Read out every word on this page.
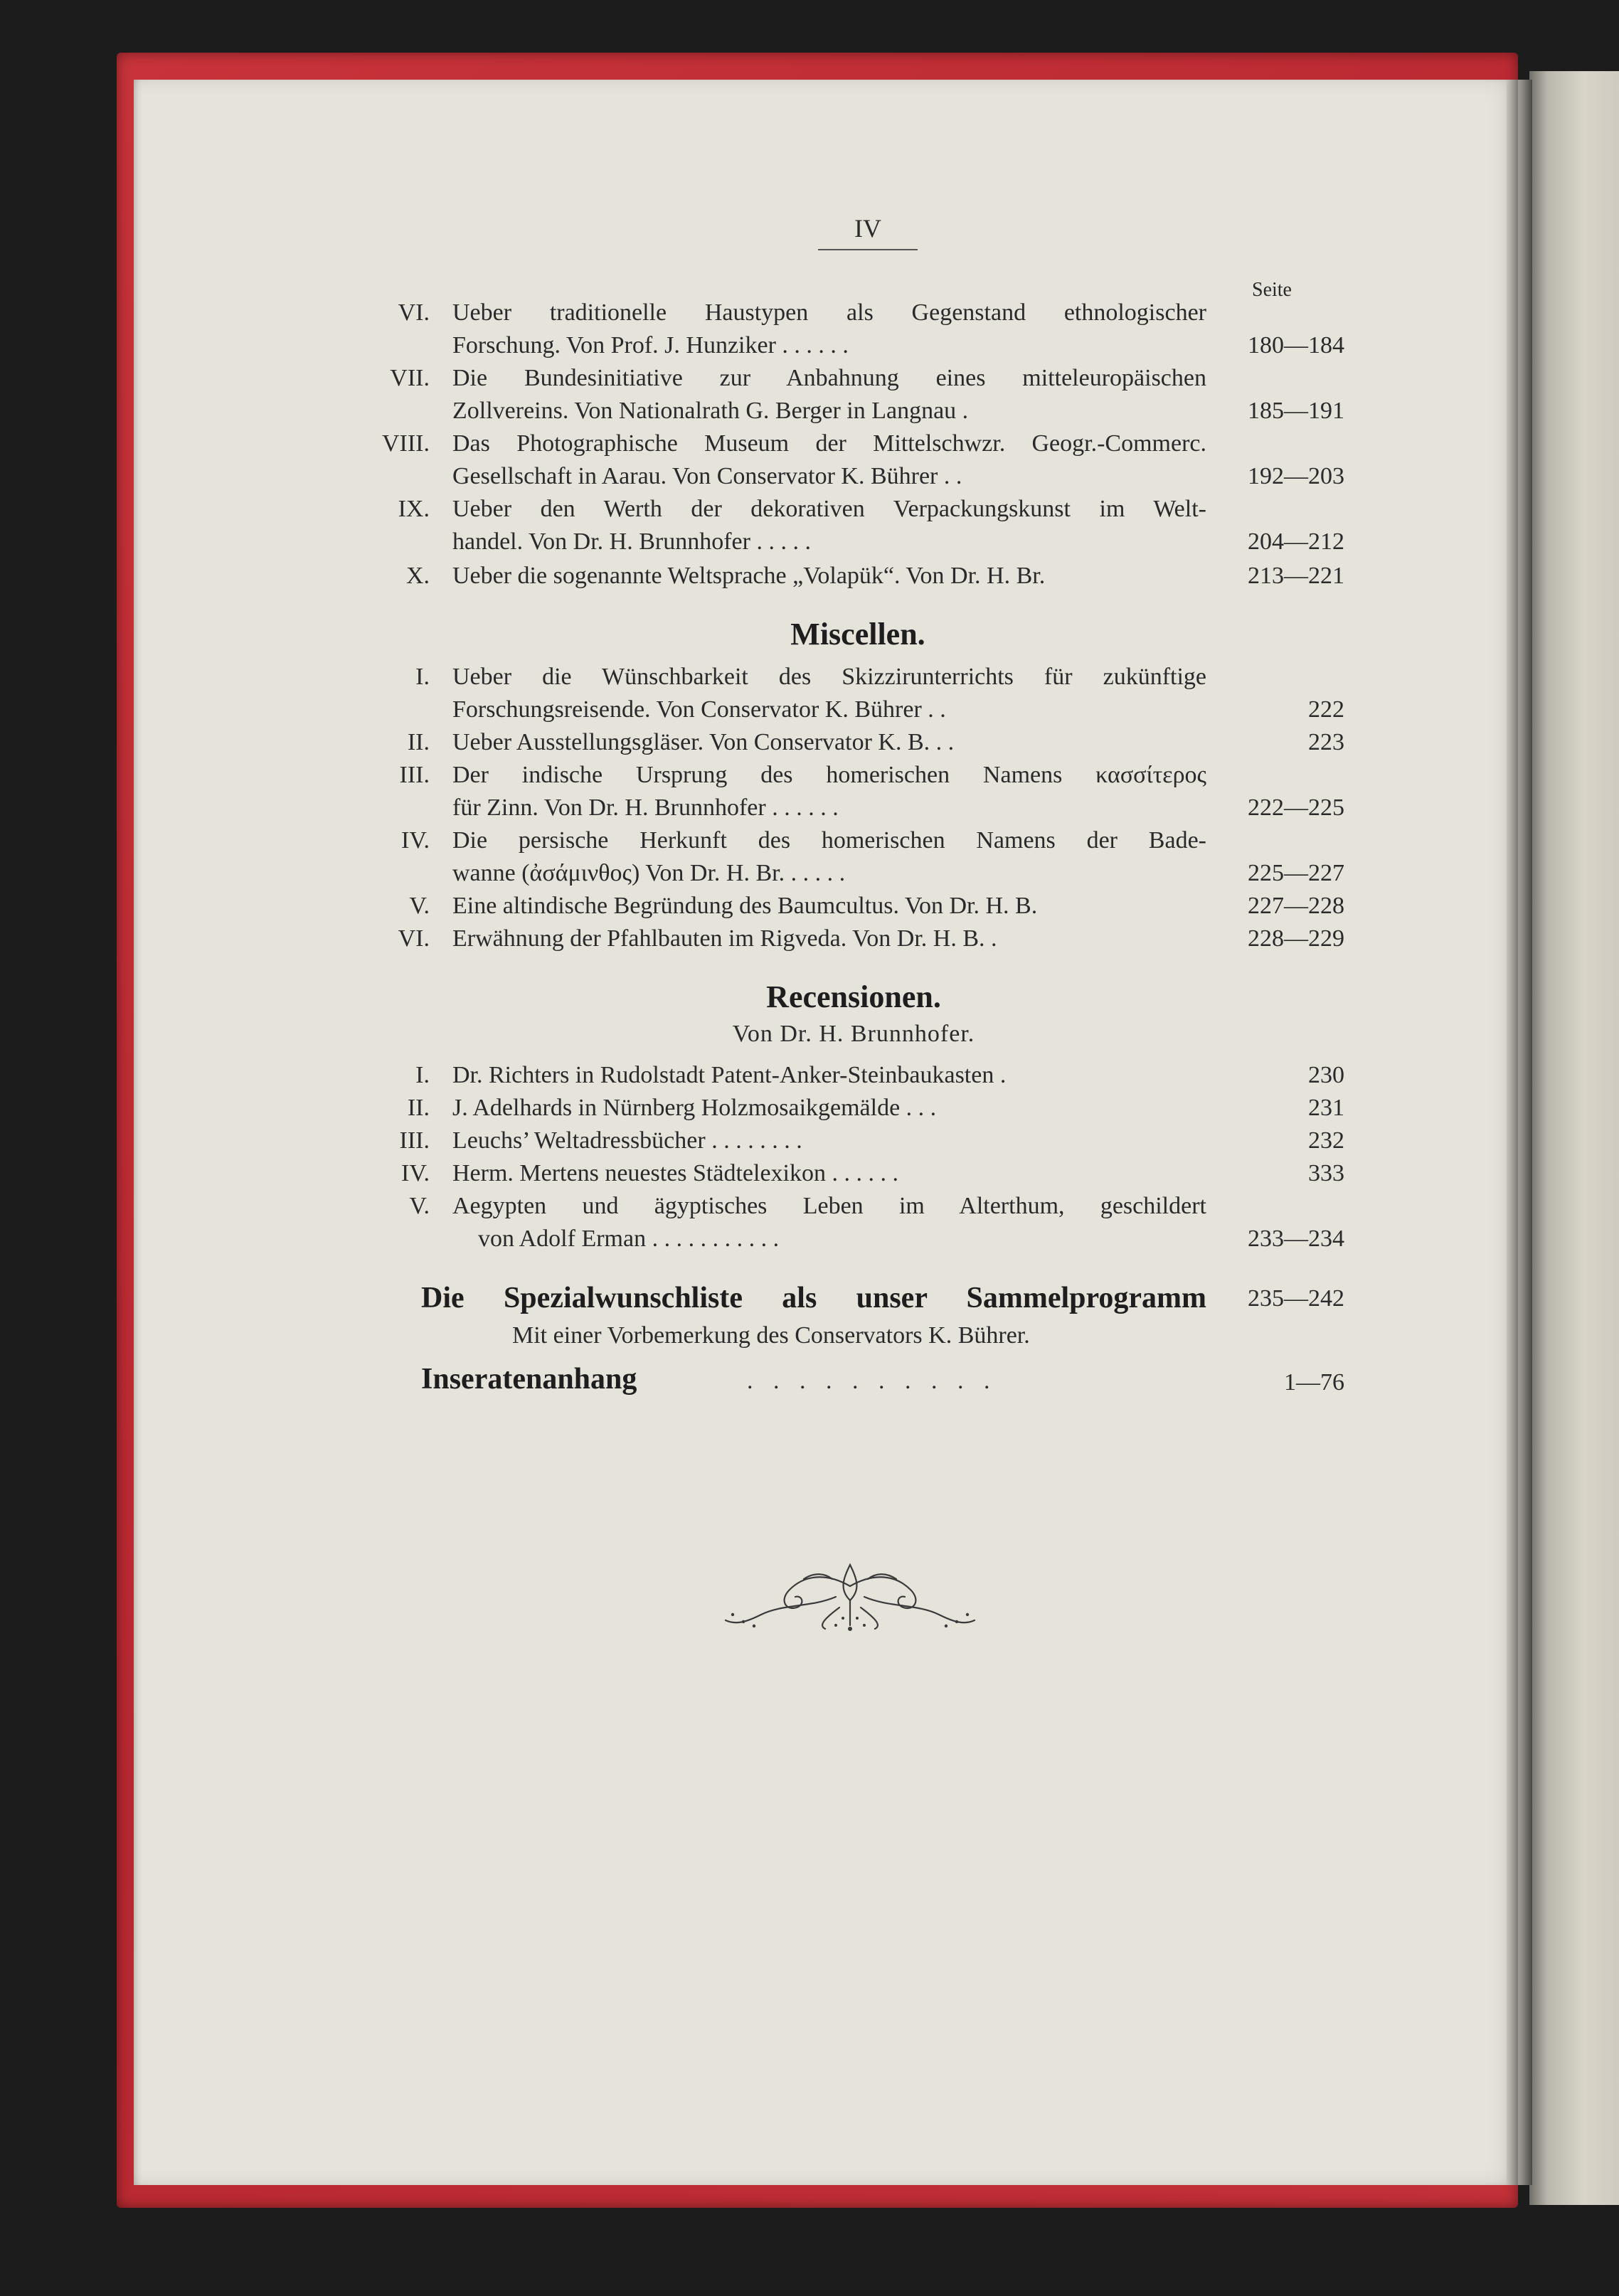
IV
Seite
VI. Ueber traditionelle Haustypen als Gegenstand ethnologischer
Forschung. Von Prof. J. Hunziker . . . . . .	180—184
VII. Die Bundesinitiative zur Anbahnung eines mitteleuropäischen
Zollvereins. Von Nationalrath G. Berger in Langnau .	185—191
VIII. Das Photographische Museum der Mittelschwzr. Geogr.-Commerc.
Gesellschaft in Aarau. Von Conservator K. Bührer . .	192—203
IX. Ueber den Werth der dekorativen Verpackungskunst im Welt-
handel. Von Dr. H. Brunnhofer . . . . .	204—212
X. Ueber die sogenannte Weltsprache „Volapük“. Von Dr. H. Br.	213—221
Miscellen.
I. Ueber die Wünschbarkeit des Skizzirunterrichts für zukünftige
Forschungsreisende. Von Conservator K. Bührer . .	222
II. Ueber Ausstellungsgläser. Von Conservator K. B. . .	223
III. Der indische Ursprung des homerischen Namens κασσίτερος
für Zinn. Von Dr. H. Brunnhofer . . . . . .	222—225
IV. Die persische Herkunft des homerischen Namens der Bade-
wanne (ἀσάμινθος) Von Dr. H. Br. . . . . .	225—227
V. Eine altindische Begründung des Baumcultus. Von Dr. H. B.	227—228
VI. Erwähnung der Pfahlbauten im Rigveda. Von Dr. H. B. .	228—229
Recensionen.
Von Dr. H. Brunnhofer.
I. Dr. Richters in Rudolstadt Patent-Anker-Steinbaukasten .	230
II. J. Adelhards in Nürnberg Holzmosaikgemälde . . .	231
III. Leuchs’ Weltadressbücher . . . . . . . .	232
IV. Herm. Mertens neuestes Städtelexikon . . . . . .	333
V. Aegypten und ägyptisches Leben im Alterthum, geschildert
von Adolf Erman . . . . . . . . . . .	233—234
Die Spezialwunschliste als unser Sammelprogramm	235—242
Mit einer Vorbemerkung des Conservators K. Bührer.
Inseratenanhang	. . . . . . . . . .	1—76
